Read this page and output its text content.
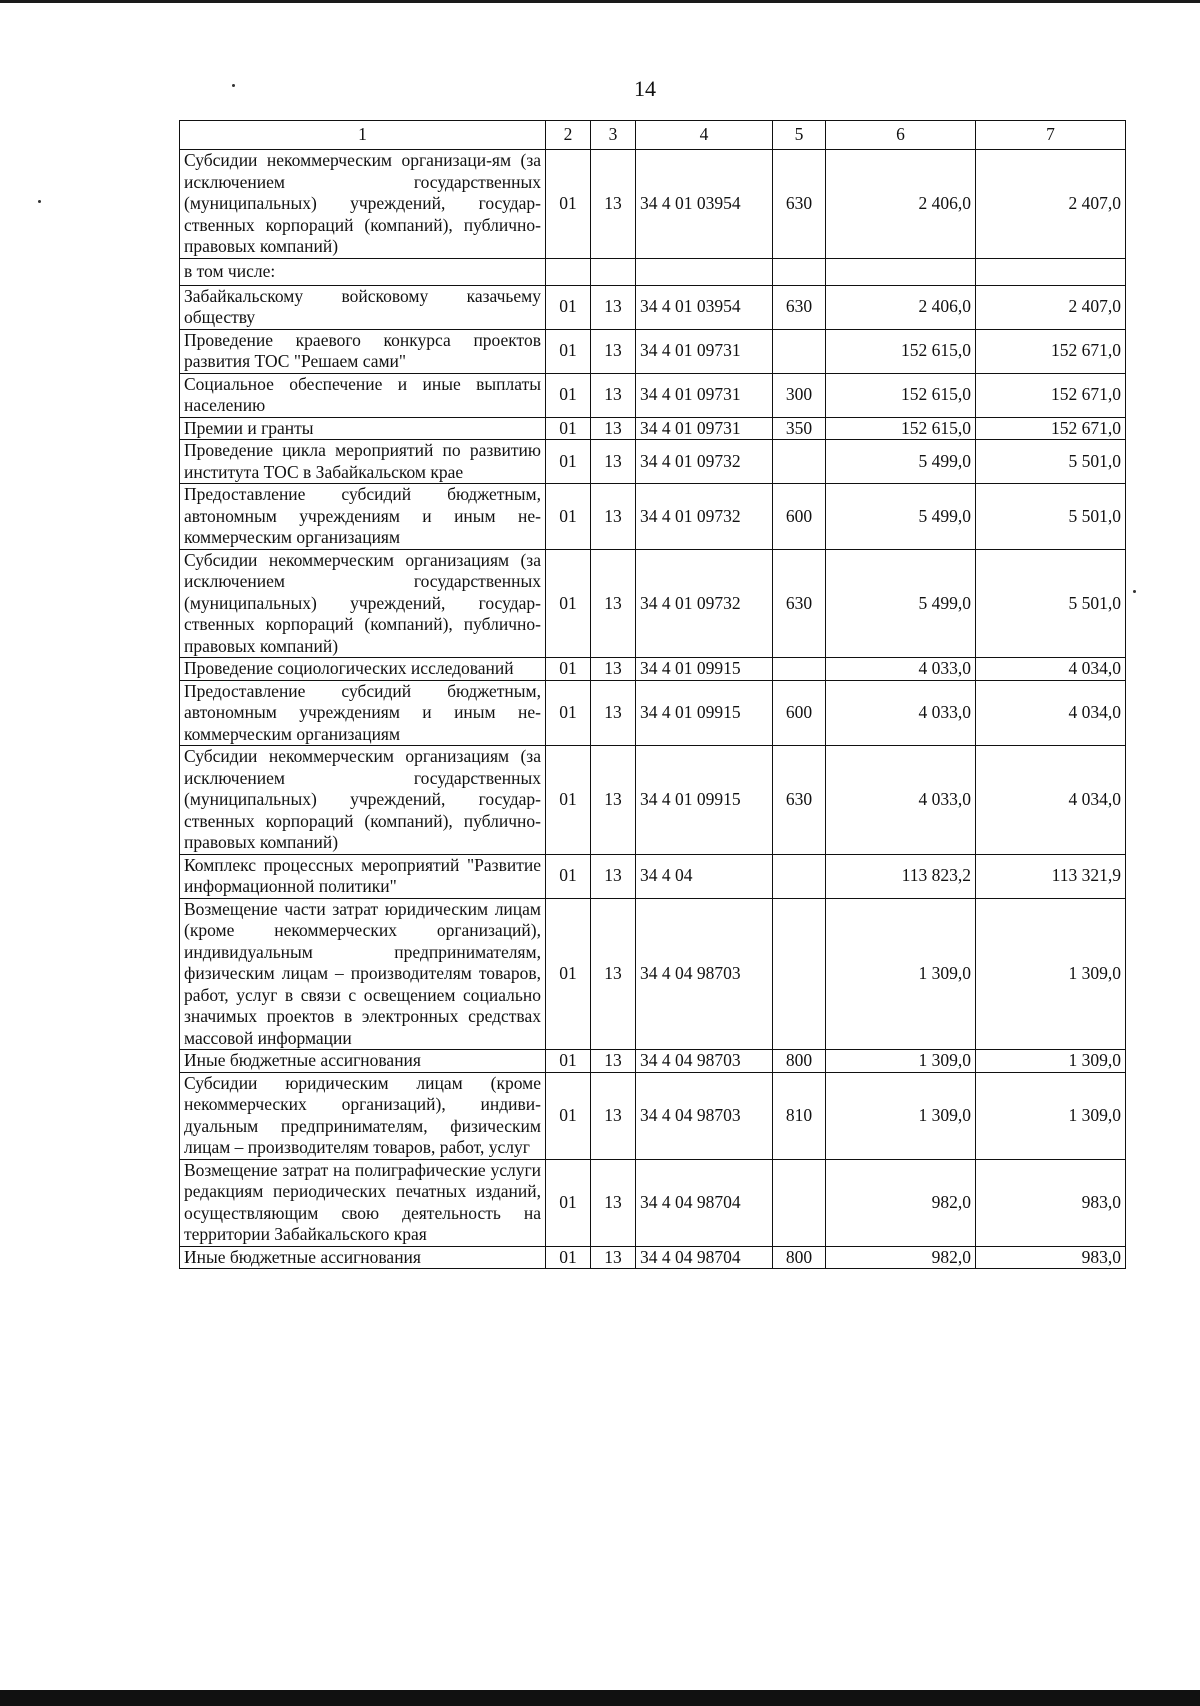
14
1	2	3	4	5	6	7
Субсидии некоммерческим организаци-ям (за исключением государственных (муниципальных) учреждений, государственных корпораций (компаний), публично-правовых компаний)	01	13	34 4 01 03954	630	2 406,0	2 407,0
в том числе:						
Забайкальскому войсковому казачьему обществу	01	13	34 4 01 03954	630	2 406,0	2 407,0
Проведение краевого конкурса проектов развития ТОС "Решаем сами"	01	13	34 4 01 09731		152 615,0	152 671,0
Социальное обеспечение и иные выплаты населению	01	13	34 4 01 09731	300	152 615,0	152 671,0
Премии и гранты	01	13	34 4 01 09731	350	152 615,0	152 671,0
Проведение цикла мероприятий по развитию института ТОС в Забайкальском крае	01	13	34 4 01 09732		5 499,0	5 501,0
Предоставление субсидий бюджетным, автономным учреждениям и иным некоммерческим организациям	01	13	34 4 01 09732	600	5 499,0	5 501,0
Субсидии некоммерческим организациям (за исключением государственных (муниципальных) учреждений, государственных корпораций (компаний), публично-правовых компаний)	01	13	34 4 01 09732	630	5 499,0	5 501,0
Проведение социологических исследований	01	13	34 4 01 09915		4 033,0	4 034,0
Предоставление субсидий бюджетным, автономным учреждениям и иным некоммерческим организациям	01	13	34 4 01 09915	600	4 033,0	4 034,0
Субсидии некоммерческим организациям (за исключением государственных (муниципальных) учреждений, государственных корпораций (компаний), публично-правовых компаний)	01	13	34 4 01 09915	630	4 033,0	4 034,0
Комплекс процессных мероприятий "Развитие информационной политики"	01	13	34 4 04		113 823,2	113 321,9
Возмещение части затрат юридическим лицам (кроме некоммерческих организаций), индивидуальным предпринимателям, физическим лицам – производителям товаров, работ, услуг в связи с освещением социально значимых проектов в электронных средствах массовой информации	01	13	34 4 04 98703		1 309,0	1 309,0
Иные бюджетные ассигнования	01	13	34 4 04 98703	800	1 309,0	1 309,0
Субсидии юридическим лицам (кроме некоммерческих организаций), индивидуальным предпринимателям, физическим лицам – производителям товаров, работ, услуг	01	13	34 4 04 98703	810	1 309,0	1 309,0
Возмещение затрат на полиграфические услуги редакциям периодических печатных изданий, осуществляющим свою деятельность на территории Забайкальского края	01	13	34 4 04 98704		982,0	983,0
Иные бюджетные ассигнования	01	13	34 4 04 98704	800	982,0	983,0
